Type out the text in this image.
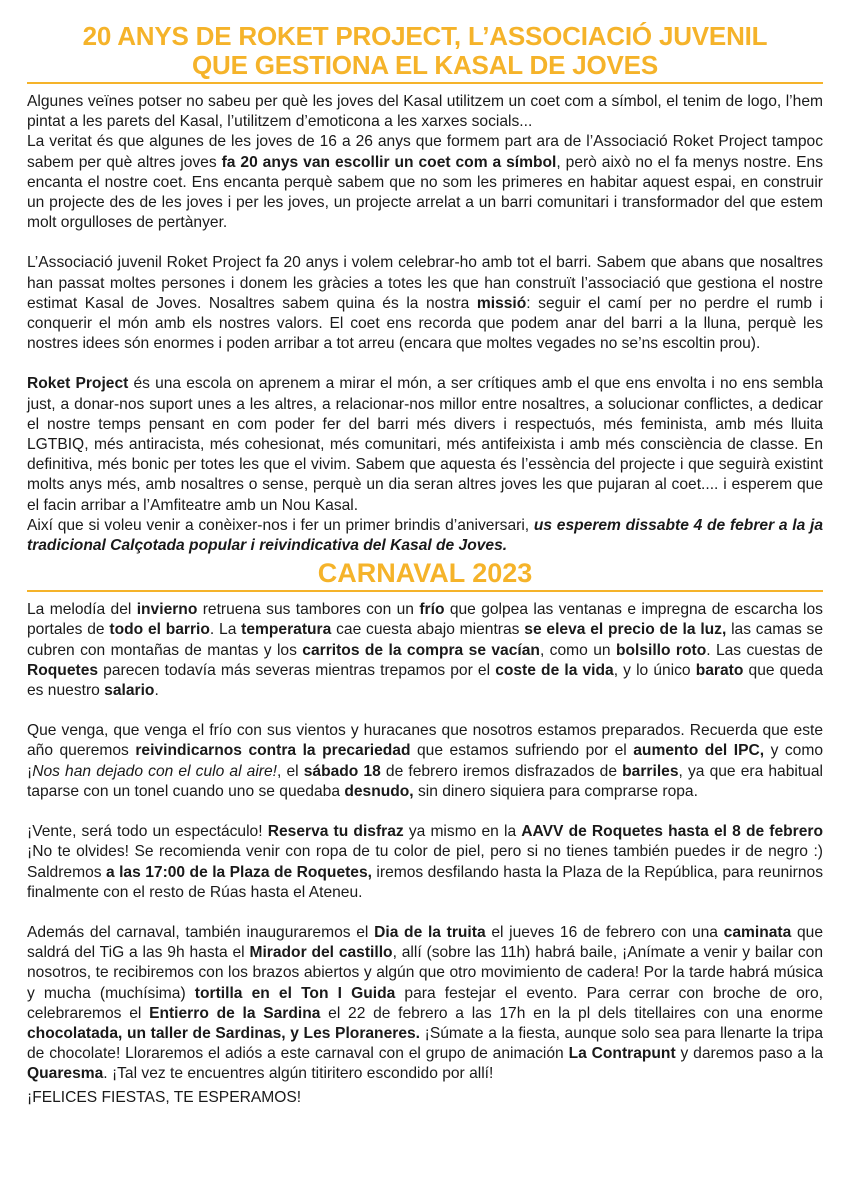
20 ANYS DE ROKET PROJECT, L’ASSOCIACIÓ JUVENIL
QUE GESTIONA EL KASAL DE JOVES

Algunes veïnes potser no sabeu per què les joves del Kasal utilitzem un coet com a símbol, el tenim de logo, l’hem pintat a les parets del Kasal, l’utilitzem d’emoticona a les xarxes socials...

La veritat és que algunes de les joves de 16 a 26 anys que formem part ara de l’Associació Roket Project tampoc sabem per què altres joves fa 20 anys van escollir un coet com a símbol, però això no el fa menys nostre. Ens encanta el nostre coet. Ens encanta perquè sabem que no som les primeres en habitar aquest espai, en construir un projecte des de les joves i per les joves, un projecte arrelat a un barri comunitari i transformador del que estem molt orgulloses de pertànyer.

L’Associació juvenil Roket Project fa 20 anys i volem celebrar-ho amb tot el barri. Sabem que abans que nosaltres han passat moltes persones i donem les gràcies a totes les que han construït l’associació que gestiona el nostre estimat Kasal de Joves. Nosaltres sabem quina és la nostra missió: seguir el camí per no perdre el rumb i conquerir el món amb els nostres valors. El coet ens recorda que podem anar del barri a la lluna, perquè les nostres idees són enormes i poden arribar a tot arreu (encara que moltes vegades no se’ns escoltin prou).

Roket Project és una escola on aprenem a mirar el món, a ser crítiques amb el que ens envolta i no ens sembla just, a donar-nos suport unes a les altres, a relacionar-nos millor entre nosaltres, a solucionar conflictes, a dedicar el nostre temps pensant en com poder fer del barri més divers i respectuós, més feminista, amb més lluita LGTBIQ, més antiracista, més cohesionat, més comunitari, més antifeixista i amb més consciència de classe. En definitiva, més bonic per totes les que el vivim. Sabem que aquesta és l’essència del projecte i que seguirà existint molts anys més, amb nosaltres o sense, perquè un dia seran altres joves les que pujaran al coet.... i esperem que el facin arribar a l’Amfiteatre amb un Nou Kasal.

Així que si voleu venir a conèixer-nos i fer un primer brindis d’aniversari, us esperem dissabte 4 de febrer a la ja tradicional Calçotada popular i reivindicativa del Kasal de Joves.

CARNAVAL 2023

La melodía del invierno retruena sus tambores con un frío que golpea las ventanas e impregna de escarcha los portales de todo el barrio. La temperatura cae cuesta abajo mientras se eleva el precio de la luz, las camas se cubren con montañas de mantas y los carritos de la compra se vacían, como un bolsillo roto. Las cuestas de Roquetes parecen todavía más severas mientras trepamos por el coste de la vida, y lo único barato que queda es nuestro salario.

Que venga, que venga el frío con sus vientos y huracanes que nosotros estamos preparados. Recuerda que este año queremos reivindicarnos contra la precariedad que estamos sufriendo por el aumento del IPC, y como ¡Nos han dejado con el culo al aire!, el sábado 18 de febrero iremos disfrazados de barriles, ya que era habitual taparse con un tonel cuando uno se quedaba desnudo, sin dinero siquiera para comprarse ropa.

¡Vente, será todo un espectáculo! Reserva tu disfraz ya mismo en la AAVV de Roquetes hasta el 8 de febrero ¡No te olvides! Se recomienda venir con ropa de tu color de piel, pero si no tienes también puedes ir de negro :) Saldremos a las 17:00 de la Plaza de Roquetes, iremos desfilando hasta la Plaza de la República, para reunirnos finalmente con el resto de Rúas hasta el Ateneu.

Además del carnaval, también inauguraremos el Dia de la truita el jueves 16 de febrero con una caminata que saldrá del TiG a las 9h hasta el Mirador del castillo, allí (sobre las 11h) habrá baile, ¡Anímate a venir y bailar con nosotros, te recibiremos con los brazos abiertos y algún que otro movimiento de cadera! Por la tarde habrá música y mucha (muchísima) tortilla en el Ton I Guida para festejar el evento. Para cerrar con broche de oro, celebraremos el Entierro de la Sardina el 22 de febrero a las 17h en la pl dels titellaires con una enorme chocolatada, un taller de Sardinas, y Les Ploraneres. ¡Súmate a la fiesta, aunque solo sea para llenarte la tripa de chocolate! Lloraremos el adiós a este carnaval con el grupo de animación La Contrapunt y daremos paso a la Quaresma. ¡Tal vez te encuentres algún titiritero escondido por allí!

¡FELICES FIESTAS, TE ESPERAMOS!
